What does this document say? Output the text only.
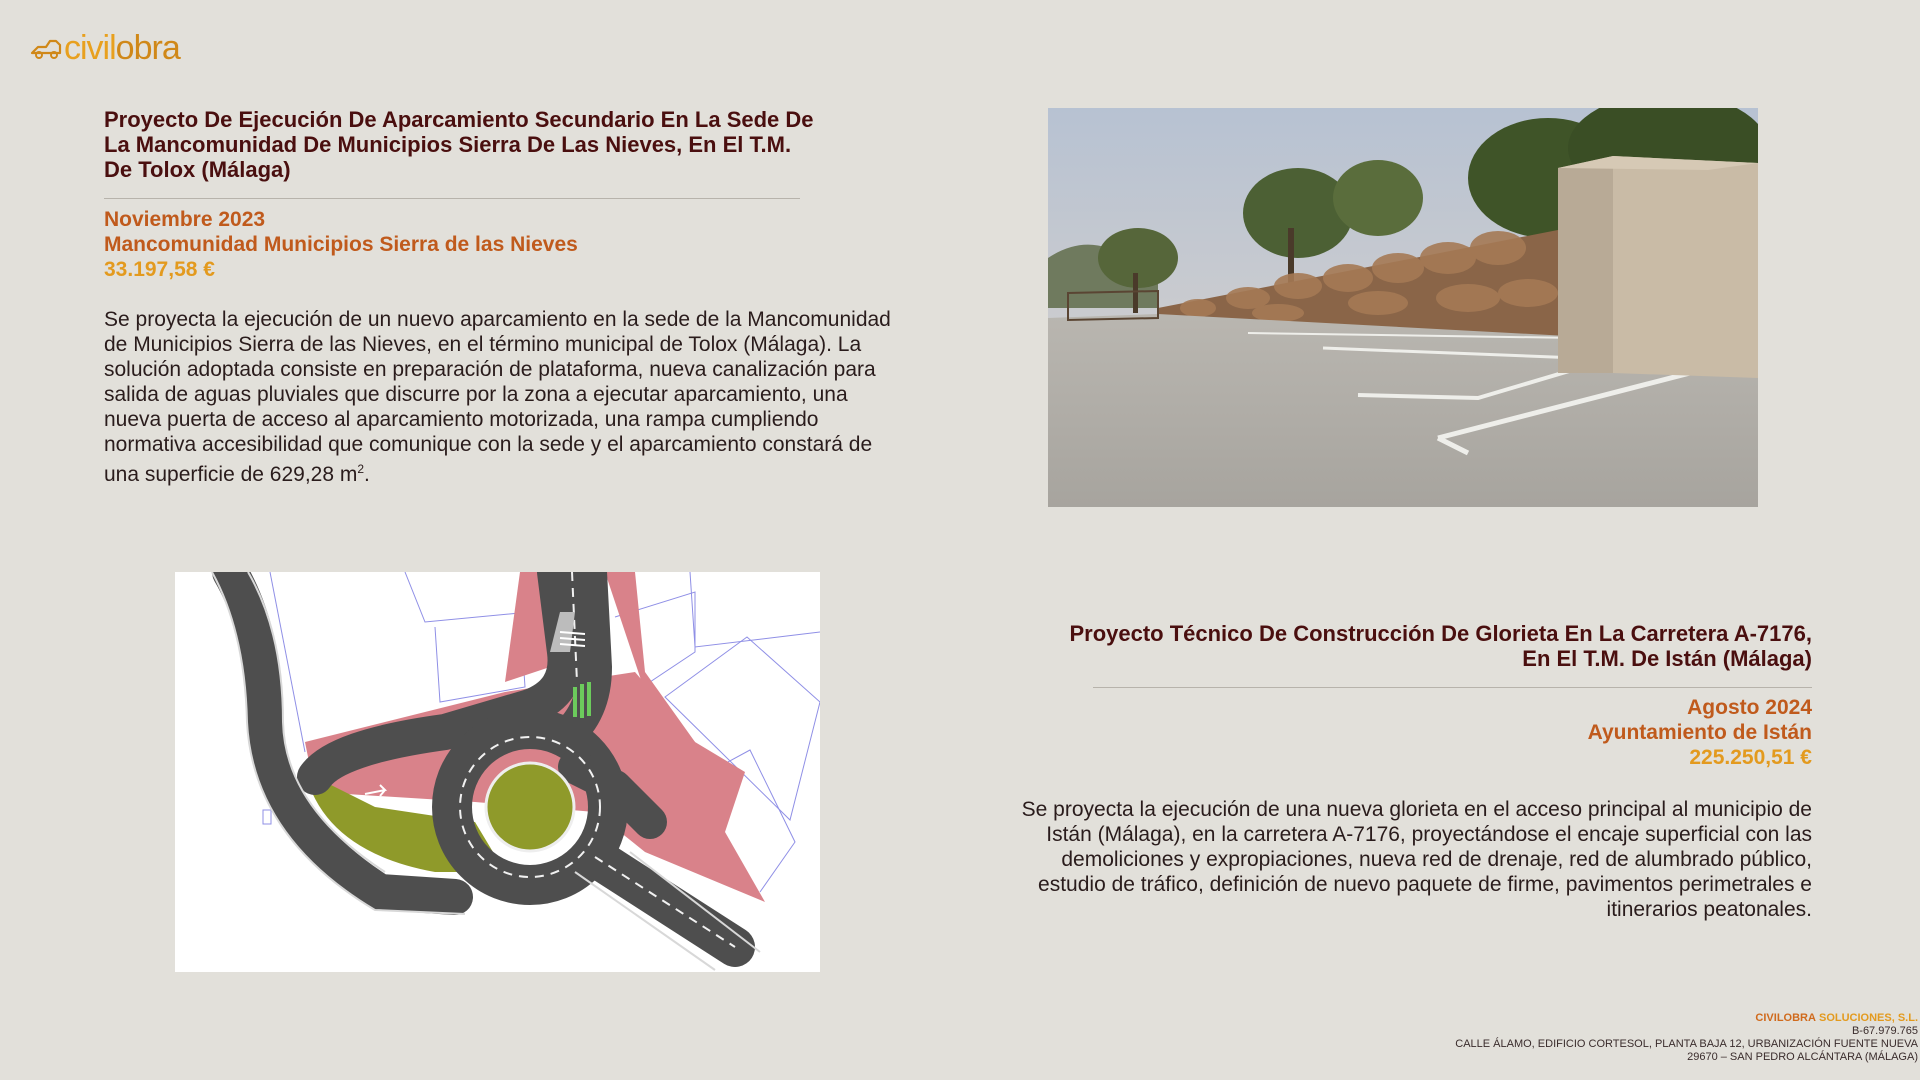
civilobra
Proyecto De Ejecución De Aparcamiento Secundario En La Sede De La Mancomunidad De Municipios Sierra De Las Nieves, En El T.M. De Tolox (Málaga)
Noviembre 2023
Mancomunidad Municipios Sierra de las Nieves
33.197,58 €

Se proyecta la ejecución de un nuevo aparcamiento en la sede de la Mancomunidad de Municipios Sierra de las Nieves, en el término municipal de Tolox (Málaga). La solución adoptada consiste en preparación de plataforma, nueva canalización para salida de aguas pluviales que discurre por la zona a ejecutar aparcamiento, una nueva puerta de acceso al aparcamiento motorizada, una rampa cumpliendo normativa accesibilidad que comunique con la sede y el aparcamiento constará de una superficie de 629,28 $m^2$.

Proyecto Técnico De Construcción De Glorieta En La Carretera A-7176,
En El T.M. De Istán (Málaga)
Agosto 2024
Ayuntamiento de Istán
225.250,51 €

Se proyecta la ejecución de una nueva glorieta en el acceso principal al municipio de Istán (Málaga), en la carretera A-7176, proyectándose el encaje superficial con las demoliciones y expropiaciones, nueva red de drenaje, red de alumbrado público, estudio de tráfico, definición de nuevo paquete de firme, pavimentos perimetrales e itinerarios peatonales.

CIVILOBRA SOLUCIONES, S.L.
B-67.979.765
CALLE ÁLAMO, EDIFICIO CORTESOL, PLANTA BAJA 12, URBANIZACIÓN FUENTE NUEVA
29670 – SAN PEDRO ALCÁNTARA (MÁLAGA)
